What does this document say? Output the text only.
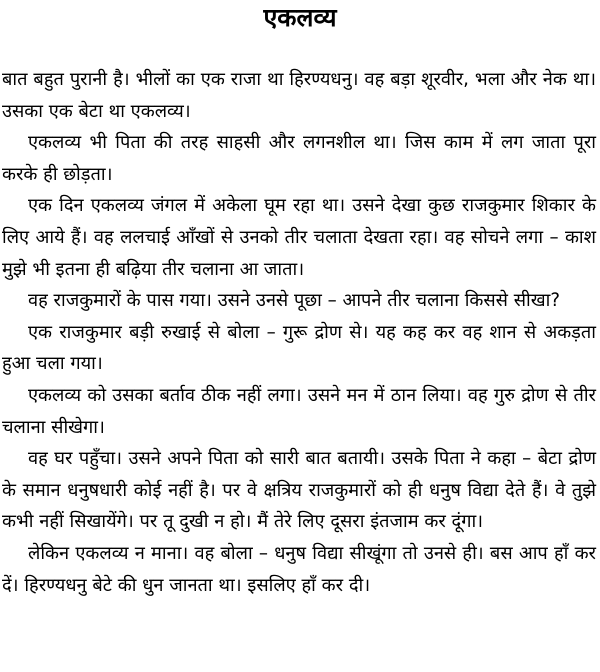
एकलव्य

बात बहुत पुरानी है। भीलों का एक राजा था हिरण्यधनु। वह बड़ा शूरवीर, भला और नेक था। उसका एक बेटा था एकलव्य।

एकलव्य भी पिता की तरह साहसी और लगनशील था। जिस काम में लग जाता पूरा करके ही छोड़ता।

एक दिन एकलव्य जंगल में अकेला घूम रहा था। उसने देखा कुछ राजकुमार शिकार के लिए आये हैं। वह ललचाई आँखों से उनको तीर चलाता देखता रहा। वह सोचने लगा – काश मुझे भी इतना ही बढ़िया तीर चलाना आ जाता।

वह राजकुमारों के पास गया। उसने उनसे पूछा – आपने तीर चलाना किससे सीखा?

एक राजकुमार बड़ी रुखाई से बोला – गुरू द्रोण से। यह कह कर वह शान से अकड़ता हुआ चला गया।

एकलव्य को उसका बर्ताव ठीक नहीं लगा। उसने मन में ठान लिया। वह गुरु द्रोण से तीर चलाना सीखेगा।

वह घर पहुँचा। उसने अपने पिता को सारी बात बतायी। उसके पिता ने कहा – बेटा द्रोण के समान धनुषधारी कोई नहीं है। पर वे क्षत्रिय राजकुमारों को ही धनुष विद्या देते हैं। वे तुझे कभी नहीं सिखायेंगे। पर तू दुखी न हो। मैं तेरे लिए दूसरा इंतजाम कर दूंगा।

लेकिन एकलव्य न माना। वह बोला – धनुष विद्या सीखूंगा तो उनसे ही। बस आप हाँ कर दें। हिरण्यधनु बेटे की धुन जानता था। इसलिए हाँ कर दी।
